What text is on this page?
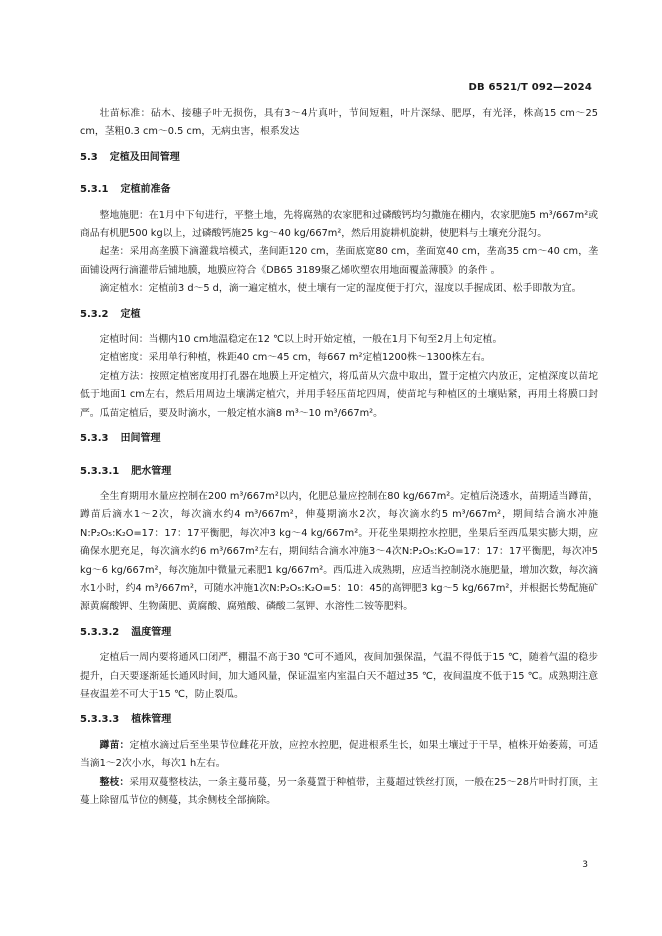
DB 6521/T 092—2024

壮苗标准：砧木、接穗子叶无损伤，具有3～4片真叶，节间短粗，叶片深绿、肥厚，有光泽，株高15 cm～25 cm，茎粗0.3 cm～0.5 cm，无病虫害，根系发达

5.3 定植及田间管理
5.3.1 定植前准备

整地施肥：在1月中下旬进行，平整土地，先将腐熟的农家肥和过磷酸钙均匀撒施在棚内，农家肥施5 m³/667m²或商品有机肥500 kg以上，过磷酸钙施25 kg～40 kg/667m²，然后用旋耕机旋耕，使肥料与土壤充分混匀。

起垄：采用高垄膜下滴灌栽培模式，垄间距120 cm，垄面底宽80 cm，垄面宽40 cm，垄高35 cm～40 cm，垄面铺设两行滴灌带后铺地膜，地膜应符合《DB65 3189聚乙烯吹塑农用地面覆盖薄膜》的条件 。

滴定植水：定植前3 d～5 d，滴一遍定植水，使土壤有一定的湿度便于打穴，湿度以手握成团、松手即散为宜。

5.3.2 定植

定植时间：当棚内10 cm地温稳定在12 ℃以上时开始定植，一般在1月下旬至2月上旬定植。

定植密度：采用单行种植，株距40 cm～45 cm，每667 m²定植1200株～1300株左右。

定植方法：按照定植密度用打孔器在地膜上开定植穴，将瓜苗从穴盘中取出，置于定植穴内放正，定植深度以苗坨低于地面1 cm左右，然后用周边土壤满定植穴，并用手轻压苗坨四周，使苗坨与种植区的土壤贴紧，再用土将膜口封严。瓜苗定植后，要及时滴水，一般定植水滴8 m³～10 m³/667m²。

5.3.3 田间管理
5.3.3.1 肥水管理

全生育期用水量应控制在200 m³/667m²以内，化肥总量应控制在80 kg/667m²。定植后浇透水，苗期适当蹲苗，蹲苗后滴水1～2次，每次滴水约4 m³/667m²，伸蔓期滴水2次，每次滴水约5 m³/667m²，期间结合滴水冲施N:P₂O₅:K₂O=17：17：17平衡肥，每次冲3 kg～4 kg/667m²。开花坐果期控水控肥，坐果后至西瓜果实膨大期，应确保水肥充足，每次滴水约6 m³/667m²左右，期间结合滴水冲施3～4次N:P₂O₅:K₂O=17：17：17平衡肥，每次冲5 kg～6 kg/667m²，每次施加中微量元素肥1 kg/667m²。西瓜进入成熟期，应适当控制浇水施肥量，增加次数，每次滴水1小时，约4 m³/667m²，可随水冲施1次N:P₂O₅:K₂O=5：10：45的高钾肥3 kg～5 kg/667m²，并根据长势配施矿源黄腐酸钾、生物菌肥、黄腐酸、腐殖酸、磷酸二氢钾、水溶性二铵等肥料。

5.3.3.2 温度管理

定植后一周内要将通风口闭严，棚温不高于30 ℃可不通风，夜间加强保温，气温不得低于15 ℃，随着气温的稳步提升，白天要逐渐延长通风时间，加大通风量，保证温室内室温白天不超过35 ℃，夜间温度不低于15 ℃。成熟期注意昼夜温差不可大于15 ℃，防止裂瓜。

5.3.3.3 植株管理

蹲苗：定植水滴过后至坐果节位雌花开放，应控水控肥，促进根系生长，如果土壤过于干旱，植株开始萎蔫，可适当滴1～2次小水，每次1 h左右。

整枝：采用双蔓整枝法，一条主蔓吊蔓，另一条蔓置于种植带，主蔓超过铁丝打顶，一般在25～28片叶时打顶，主蔓上除留瓜节位的侧蔓，其余侧枝全部摘除。

3
